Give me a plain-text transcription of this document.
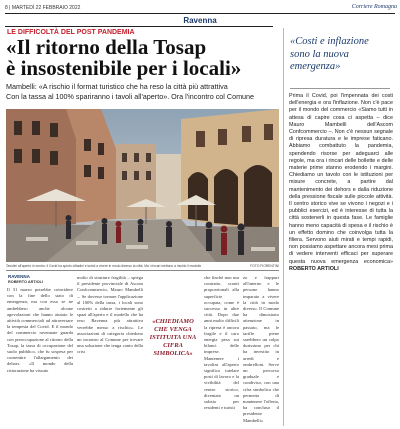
8 | MARTEDÌ 22 FEBBRAIO 2022	Corriere Romagna
Ravenna
LE DIFFICOLTÀ DEL POST PANDEMIA
«Il ritorno della Tosap
è insostenibile per i locali»
Mambelli: «A rischio il format turistico che ha reso la città più attrattiva
Con la tassa al 100% spariranno i tavoli all'aperto». Ora l'incontro col Comune
Tavolini all'aperto in centro: il Covid ha spinto cittadini e turisti a vivere in modo diverso la città. Ma i rincari mettono a rischio il modello	FOTO FIORENTINI
RAVENNA
ROBERTO ARTIOLI
Il 31 marzo potrebbe coincidere con la fine dello stato di emergenza, ma con esso se ne andrebbero anche alcune agevolazioni che hanno aiutato le attività commerciali ad attraversare la tempesta del Covid. E il mondo del commercio ravennate guarda con preoccupazione al ritorno della Tosap, la tassa di occupazione del suolo pubblico, che fu sospesa per consentire l'allargamento dei dehors. «Il mondo della ristorazione ha vissuto
molto di strutture fragilità – spiega il presidente provinciale di Ascom Confcommercio, Mauro Mambelli –. Se dovesse tornare l'applicazione al 100% della tassa, i locali sono costretti a ridurre fortemente gli spazi all'aperto e il modello che ha reso Ravenna più attrattiva verrebbe messo a rischio». Le associazioni di categoria chiedono un incontro al Comune per trovare una soluzione che tenga conto della crisi
«CHIEDIAMO CHE VENGA ISTITUITA UNA CIFRA SIMBOLICA»
che finchè non usa contratto, sconti proporzionali alla superficie occupata, come è successo in altre città. Dopo due anni molto difficili la ripresa è ancora fragile e il caro energia pesa sui bilanci delle imprese. Mantenere i tavolini all'aperto significa tutelare posti di lavoro e la vivibilità del centro storico, diventato un salotto per residenti e turisti
zo e frappuri all'interno e le persone hanno imparato a vivere la città in modo diverso. Il Comune ha dimostrato attenzione in passato, ma le tariffe piene sarebbero un colpo durissimo per chi ha investito in arredi e ombrelloni. Serve un percorso graduale e condiviso, con una cifra simbolica che permetta di mantenere l'offerta, ha concluso il presidente Mambelli»
«Costi e inflazione sono la nuova emergenza»
Prima il Covid, poi l'impennata dei costi dell'energia e ora l'inflazione. Non c'è pace per il mondo del commercio «Siamo tutti in attesa di capire cosa ci aspetta – dice Mauro Mambelli dell'Ascom Confcommercio –. Non c'è nessun segnale di ripresa duratura e le imprese faticano. Abbiamo combattuto la pandemia, spendendo risorse per adeguarci alle regole, ma ora i rincari delle bollette e delle materie prime stanno erodendo i margini. Chiediamo un tavolo con le istituzioni per misure concrete, a partire dal mantenimento dei dehors e dalla riduzione della pressione fiscale sulle piccole attività. Il centro storico vive se vivono i negozi e i pubblici esercizi, ed è interesse di tutta la città sostenerli in questa fase. Le famiglie hanno meno capacità di spesa e il rischio è un effetto domino che coinvolga tutta la filiera. Servono aiuti mirati e tempi rapidi, non possiamo aspettare ancora mesi prima di vedere interventi efficaci per superare questa nuova emergenza economica» ROBERTO ARTIOLI
